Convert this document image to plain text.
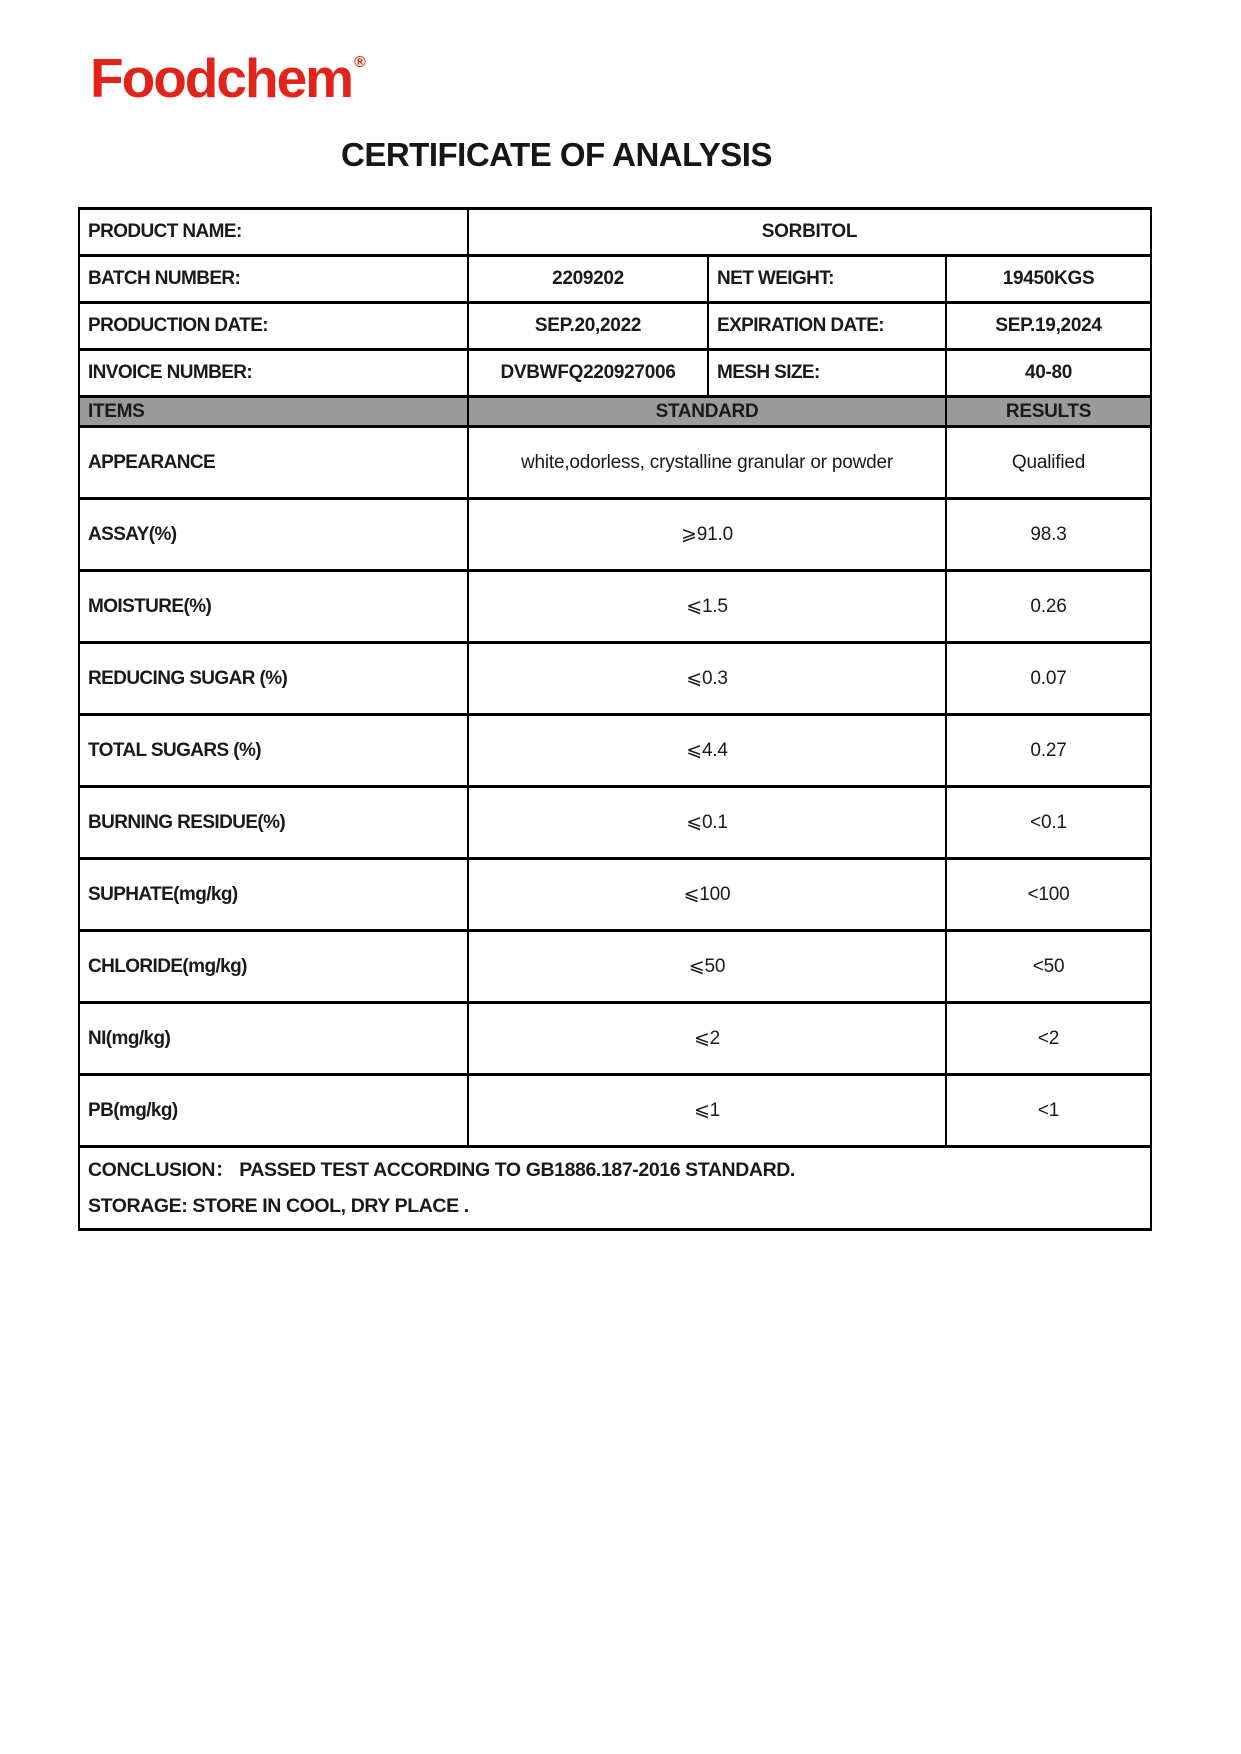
Foodchem ®
CERTIFICATE OF ANALYSIS
PRODUCT NAME:	SORBITOL		
BATCH NUMBER:	2209202	NET WEIGHT:	19450KGS
PRODUCTION DATE:	SEP.20,2022	EXPIRATION DATE:	SEP.19,2024
INVOICE NUMBER:	DVBWFQ220927006	MESH SIZE:	40-80
ITEMS	STANDARD		RESULTS
APPEARANCE	white,odorless, crystalline granular or powder		Qualified
ASSAY(%)	⩾91.0		98.3
MOISTURE(%)	⩽1.5		0.26
REDUCING SUGAR (%)	⩽0.3		0.07
TOTAL SUGARS (%)	⩽4.4		0.27
BURNING RESIDUE(%)	⩽0.1		<0.1
SUPHATE(mg/kg)	⩽100		<100
CHLORIDE(mg/kg)	⩽50		<50
NI(mg/kg)	⩽2		<2
PB(mg/kg)	⩽1		<1

CONCLUSION： PASSED TEST ACCORDING TO GB1886.187-2016 STANDARD.
STORAGE: STORE IN COOL, DRY PLACE .			
